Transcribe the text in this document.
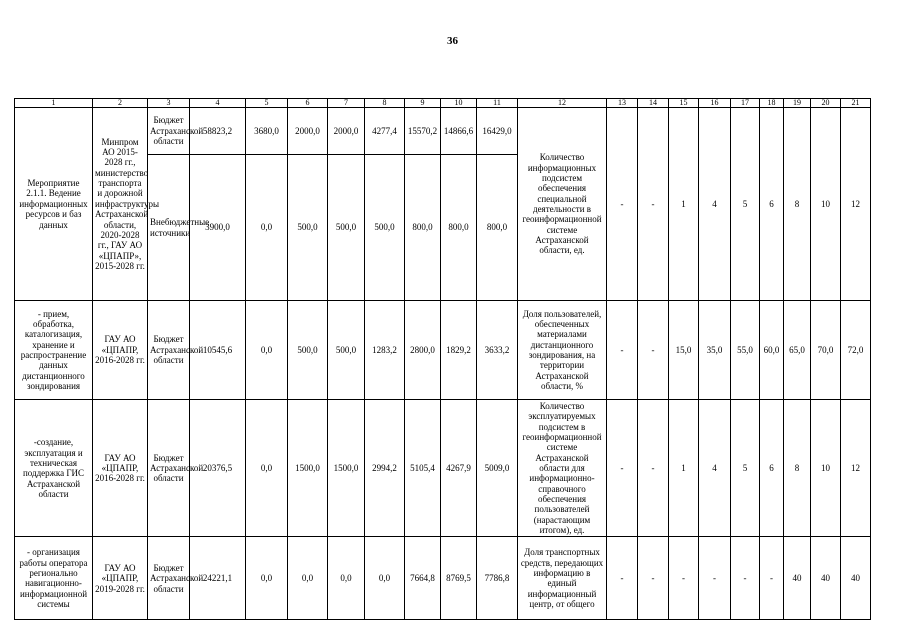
36
1	2	3	4	5	6	7	8	9	10	11	12	13	14	15	16	17	18	19	20	21
Мероприятие 2.1.1. Ведение информационных ресурсов и баз данных	Минпром АО 2015-2028 гг., министерство транспорта и дорожной инфраструктуры Астраханской области, 2020-2028 гг., ГАУ АО «ЦПАПР», 2015-2028 гг.	Бюджет Астраханской области	58823,2	3680,0	2000,0	2000,0	4277,4	15570,2	14866,6	16429,0	Количество информационных подсистем обеспечения специальной деятельности в геоинформационной системе Астраханской области, ед.	-	-	1	4	5	6	8	10	12
		Внебюджетные источники	3900,0	0,0	500,0	500,0	500,0	800,0	800,0	800,0										
- прием, обработка, каталогизация, хранение и распространение данных дистанционного зондирования	ГАУ АО «ЦПАПР, 2016-2028 гг.	Бюджет Астраханской области	10545,6	0,0	500,0	500,0	1283,2	2800,0	1829,2	3633,2	Доля пользователей, обеспеченных материалами дистанционного зондирования, на территории Астраханской области, %	-	-	15,0	35,0	55,0	60,0	65,0	70,0	72,0
-создание, эксплуатация и техническая поддержка ГИС Астраханской области	ГАУ АО «ЦПАПР, 2016-2028 гг.	Бюджет Астраханской области	20376,5	0,0	1500,0	1500,0	2994,2	5105,4	4267,9	5009,0	Количество эксплуатируемых подсистем в геоинформационной системе Астраханской области для информационно-справочного обеспечения пользователей (нарастающим итогом), ед.	-	-	1	4	5	6	8	10	12
- организация работы оператора регионально навигационно-информационной системы	ГАУ АО «ЦПАПР, 2019-2028 гг.	Бюджет Астраханской области	24221,1	0,0	0,0	0,0	0,0	7664,8	8769,5	7786,8	Доля транспортных средств, передающих информацию в единый информационный центр, от общего	-	-	-	-	-	-	40	40	40
